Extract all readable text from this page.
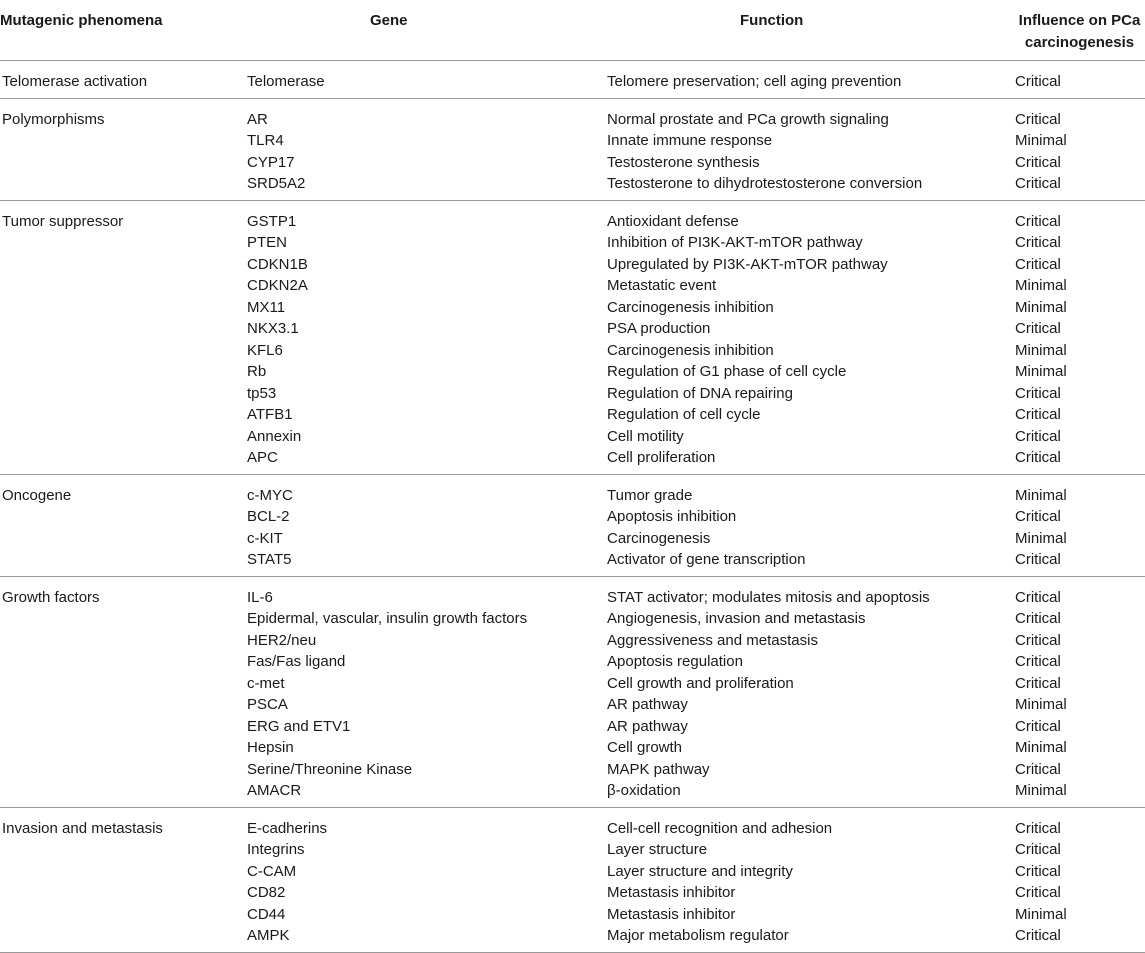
Mutagenic phenomena	Gene	Function	Influence on PCa
carcinogenesis
Telomerase activation	Telomerase	Telomere preservation; cell aging prevention	Critical
Polymorphisms	AR	Normal prostate and PCa growth signaling	Critical
TLR4	Innate immune response	Minimal
CYP17	Testosterone synthesis	Critical
SRD5A2	Testosterone to dihydrotestosterone conversion	Critical
Tumor suppressor	GSTP1	Antioxidant defense	Critical
PTEN	Inhibition of PI3K-AKT-mTOR pathway	Critical
CDKN1B	Upregulated by PI3K-AKT-mTOR pathway	Critical
CDKN2A	Metastatic event	Minimal
MX11	Carcinogenesis inhibition	Minimal
NKX3.1	PSA production	Critical
KFL6	Carcinogenesis inhibition	Minimal
Rb	Regulation of G1 phase of cell cycle	Minimal
tp53	Regulation of DNA repairing	Critical
ATFB1	Regulation of cell cycle	Critical
Annexin	Cell motility	Critical
APC	Cell proliferation	Critical
Oncogene	c-MYC	Tumor grade	Minimal
BCL-2	Apoptosis inhibition	Critical
c-KIT	Carcinogenesis	Minimal
STAT5	Activator of gene transcription	Critical
Growth factors	IL-6	STAT activator; modulates mitosis and apoptosis	Critical
Epidermal, vascular, insulin growth factors	Angiogenesis, invasion and metastasis	Critical
HER2/neu	Aggressiveness and metastasis	Critical
Fas/Fas ligand	Apoptosis regulation	Critical
c-met	Cell growth and proliferation	Critical
PSCA	AR pathway	Minimal
ERG and ETV1	AR pathway	Critical
Hepsin	Cell growth	Minimal
Serine/Threonine Kinase	MAPK pathway	Critical
AMACR	β-oxidation	Minimal
Invasion and metastasis	E-cadherins	Cell-cell recognition and adhesion	Critical
Integrins	Layer structure	Critical
C-CAM	Layer structure and integrity	Critical
CD82	Metastasis inhibitor	Critical
CD44	Metastasis inhibitor	Minimal
AMPK	Major metabolism regulator	Critical
